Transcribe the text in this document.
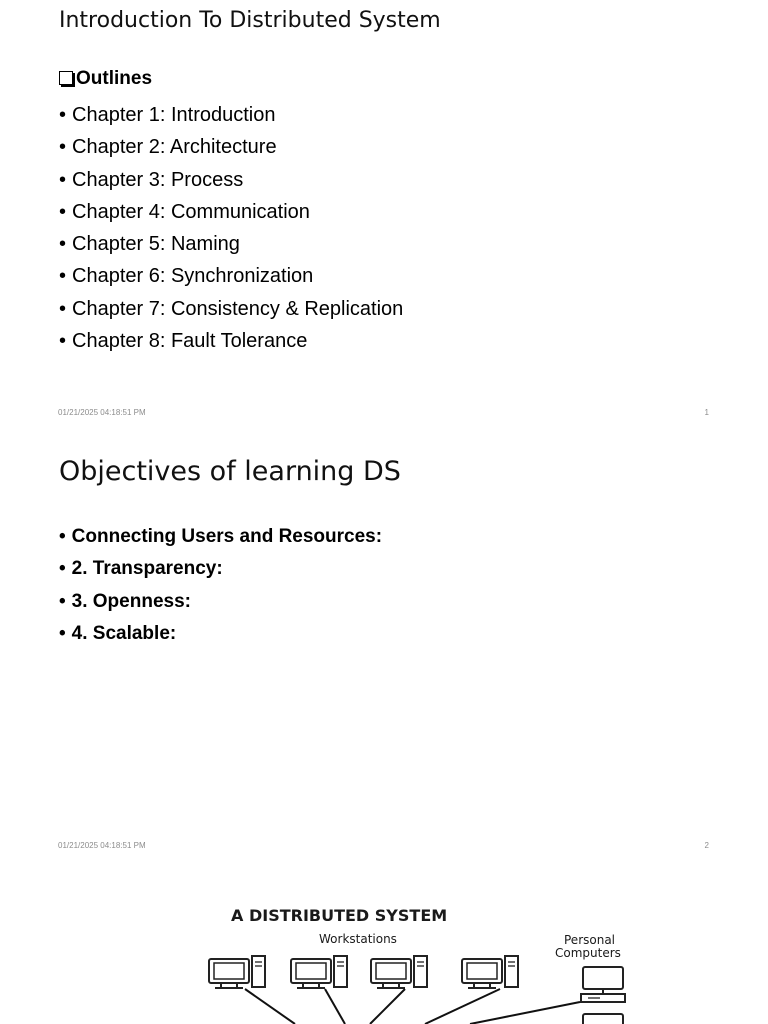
Introduction To Distributed System
Outlines
• Chapter 1: Introduction
• Chapter 2: Architecture
• Chapter 3: Process
• Chapter 4: Communication
• Chapter 5: Naming
• Chapter 6: Synchronization
• Chapter 7: Consistency & Replication
• Chapter 8: Fault Tolerance
01/21/2025 04:18:51 PM	1
Objectives of learning DS
• Connecting Users and Resources:
• 2. Transparency:
• 3. Openness:
• 4. Scalable:
01/21/2025 04:18:51 PM	2
A DISTRIBUTED SYSTEM
Workstations	Personal
Computers
